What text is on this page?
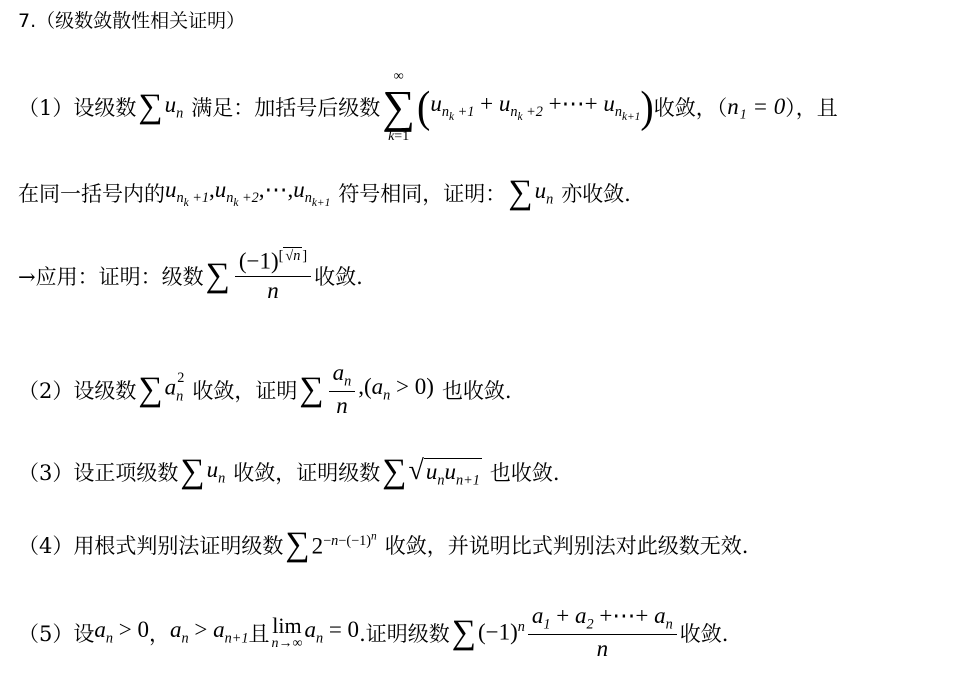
7.（级数敛散性相关证明）
（1）设级数 ∑ $u_n$ 满足：加括号后级数
∞
∑
k=1
( $u_{n_k +1} + u_{n_k +2}$ +⋯+ $u_{n_{k+1}}$ ) 收敛，（ n₁ = 0 ），且
在同一括号内的 $u_{n_k +1},u_{n_k +2},\cdots,u_{n_{k+1}}$ 符号相同，证明： ∑ $u_n$ 亦收敛.
→应用：证明：级数 ∑ $\frac{(-1)^{[ √n ]}}{n}$ 收敛.
（2）设级数 ∑ $a_n^2$
收敛，证明 ∑ $\frac{a_n}{n} ,(a_n > 0)$ 也收敛.
（3）设正项级数 ∑ $u_n$ 收敛，证明级数 ∑ $√u_nu_{n+1}$ 也收敛.
（4）用根式判别法证明级数 ∑ $2^{-n-(-1)^n}$ 收敛，并说明比式判别法对此级数无效.
（5）设 $a_n > 0$ ， $a_n > a_{n+1}$ 且 lim
n→∞
$a_n = 0$ .证明级数 ∑ $(-1)^n \frac{a_1 + a_2 +\cdots+ a_n}{n}$ 收敛.
